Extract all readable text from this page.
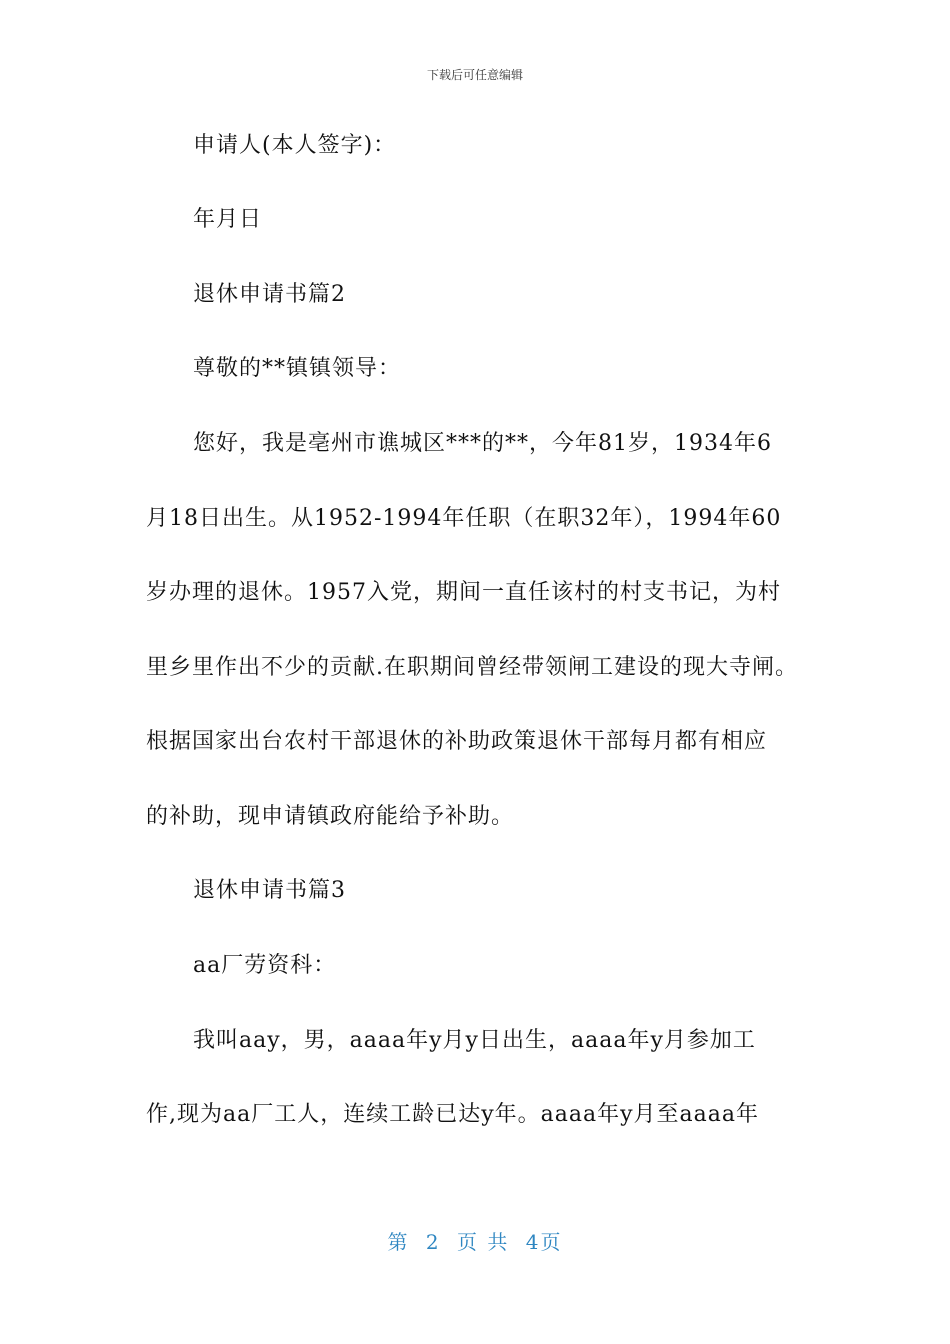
下载后可任意编辑
申请人(本人签字)：
年月日
退休申请书篇2
尊敬的**镇镇领导：
您好，我是亳州市谯城区***的**，今年81岁，1934年6
月18日出生。从1952-1994年任职（在职32年），1994年60
岁办理的退休。1957入党，期间一直任该村的村支书记，为村
里乡里作出不少的贡献.在职期间曾经带领闸工建设的现大寺闸。
根据国家出台农村干部退休的补助政策退休干部每月都有相应
的补助，现申请镇政府能给予补助。
退休申请书篇3
aa厂劳资科：
我叫aay，男，aaaa年y月y日出生，aaaa年y月参加工
作,现为aa厂工人，连续工龄已达y年。aaaa年y月至aaaa年
第 2 页 共 4页
